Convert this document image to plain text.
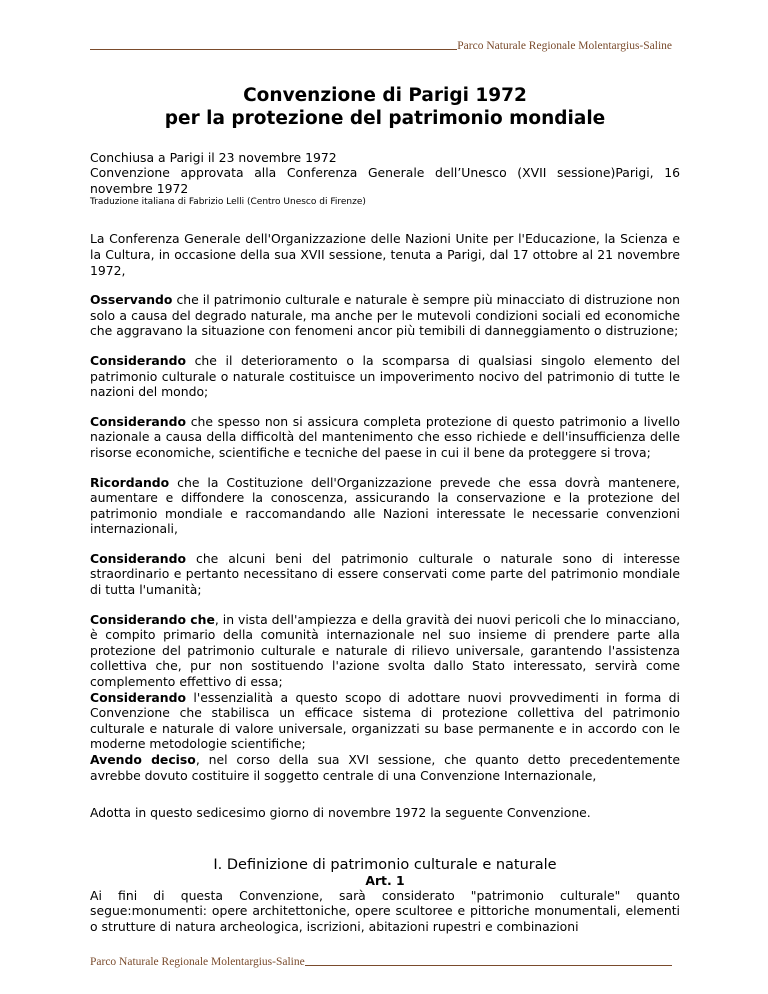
Parco Naturale Regionale Molentargius-Saline
Convenzione di Parigi 1972
per la protezione del patrimonio mondiale
Conchiusa a Parigi il 23 novembre 1972

Convenzione approvata alla Conferenza Generale dell’Unesco (XVII sessione)Parigi, 16 novembre 1972

Traduzione italiana di Fabrizio Lelli (Centro Unesco di Firenze)

La Conferenza Generale dell'Organizzazione delle Nazioni Unite per l'Educazione, la Scienza e la Cultura, in occasione della sua XVII sessione, tenuta a Parigi, dal 17 ottobre al 21 novembre 1972,

Osservando che il patrimonio culturale e naturale è sempre più minacciato di distruzione non solo a causa del degrado naturale, ma anche per le mutevoli condizioni sociali ed economiche che aggravano la situazione con fenomeni ancor più temibili di danneggiamento o distruzione;

Considerando che il deterioramento o la scomparsa di qualsiasi singolo elemento del patrimonio culturale o naturale costituisce un impoverimento nocivo del patrimonio di tutte le nazioni del mondo;

Considerando che spesso non si assicura completa protezione di questo patrimonio a livello nazionale a causa della difficoltà del mantenimento che esso richiede e dell'insufficienza delle risorse economiche, scientifiche e tecniche del paese in cui il bene da proteggere si trova;

Ricordando che la Costituzione dell'Organizzazione prevede che essa dovrà mantenere, aumentare e diffondere la conoscenza, assicurando la conservazione e la protezione del patrimonio mondiale e raccomandando alle Nazioni interessate le necessarie convenzioni internazionali,

Considerando che alcuni beni del patrimonio culturale o naturale sono di interesse straordinario e pertanto necessitano di essere conservati come parte del patrimonio mondiale di tutta l'umanità;

Considerando che, in vista dell'ampiezza e della gravità dei nuovi pericoli che lo minacciano, è compito primario della comunità internazionale nel suo insieme di prendere parte alla protezione del patrimonio culturale e naturale di rilievo universale, garantendo l'assistenza collettiva che, pur non sostituendo l'azione svolta dallo Stato interessato, servirà come complemento effettivo di essa;

Considerando l'essenzialità a questo scopo di adottare nuovi provvedimenti in forma di Convenzione che stabilisca un efficace sistema di protezione collettiva del patrimonio culturale e naturale di valore universale, organizzati su base permanente e in accordo con le moderne metodologie scientifiche;

Avendo deciso, nel corso della sua XVI sessione, che quanto detto precedentemente avrebbe dovuto costituire il soggetto centrale di una Convenzione Internazionale,

Adotta in questo sedicesimo giorno di novembre 1972 la seguente Convenzione.

I. Definizione di patrimonio culturale e naturale
Art. 1

Ai fini di questa Convenzione, sarà considerato "patrimonio culturale" quanto segue:monumenti: opere architettoniche, opere scultoree e pittoriche monumentali, elementi o strutture di natura archeologica, iscrizioni, abitazioni rupestri e combinazioni

Parco Naturale Regionale Molentargius-Saline
